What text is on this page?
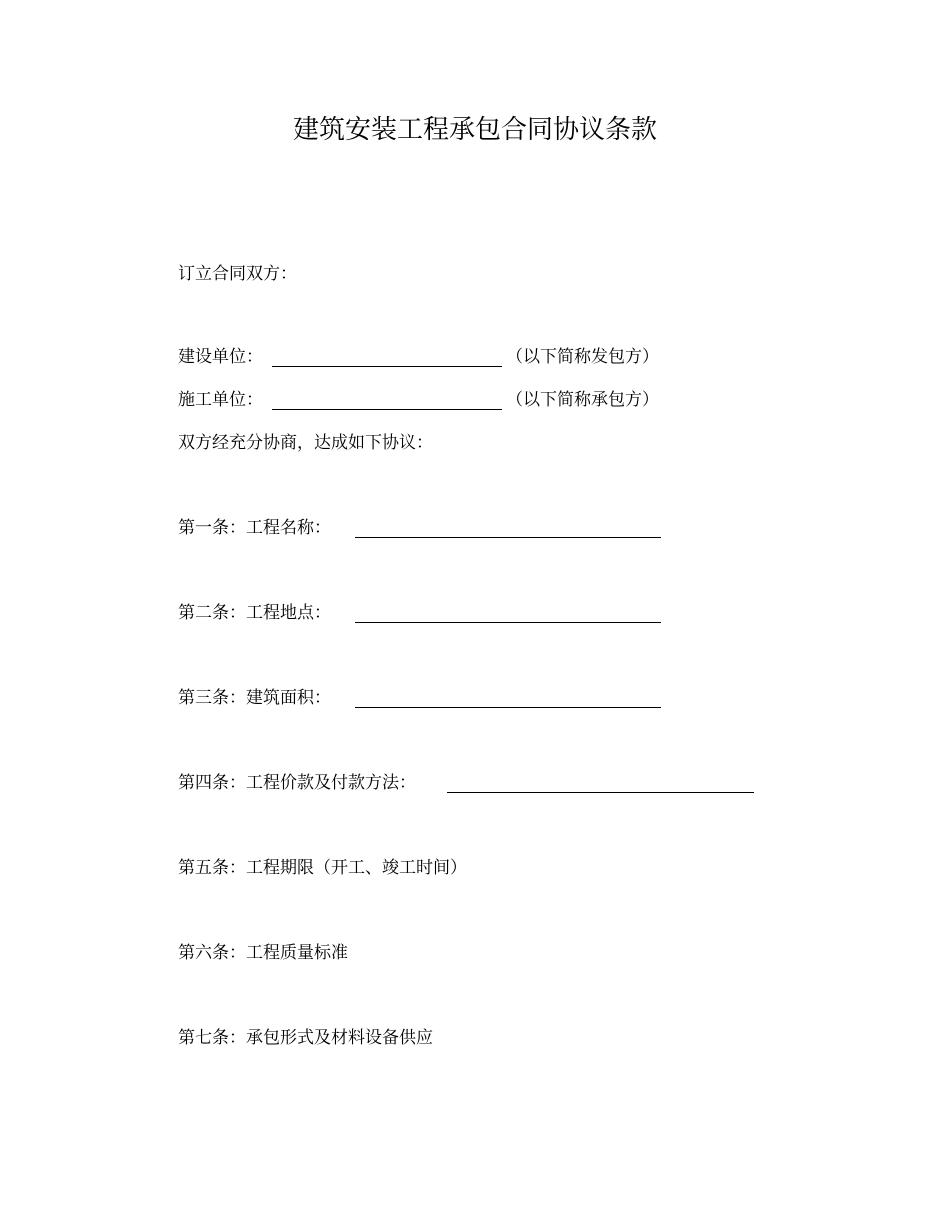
建筑安装工程承包合同协议条款
订立合同双方：
建设单位：	（以下简称发包方）
施工单位：	（以下简称承包方）
双方经充分协商，达成如下协议：
第一条：工程名称：
第二条：工程地点：
第三条：建筑面积：
第四条：工程价款及付款方法：
第五条：工程期限（开工、竣工时间）
第六条：工程质量标准
第七条：承包形式及材料设备供应
